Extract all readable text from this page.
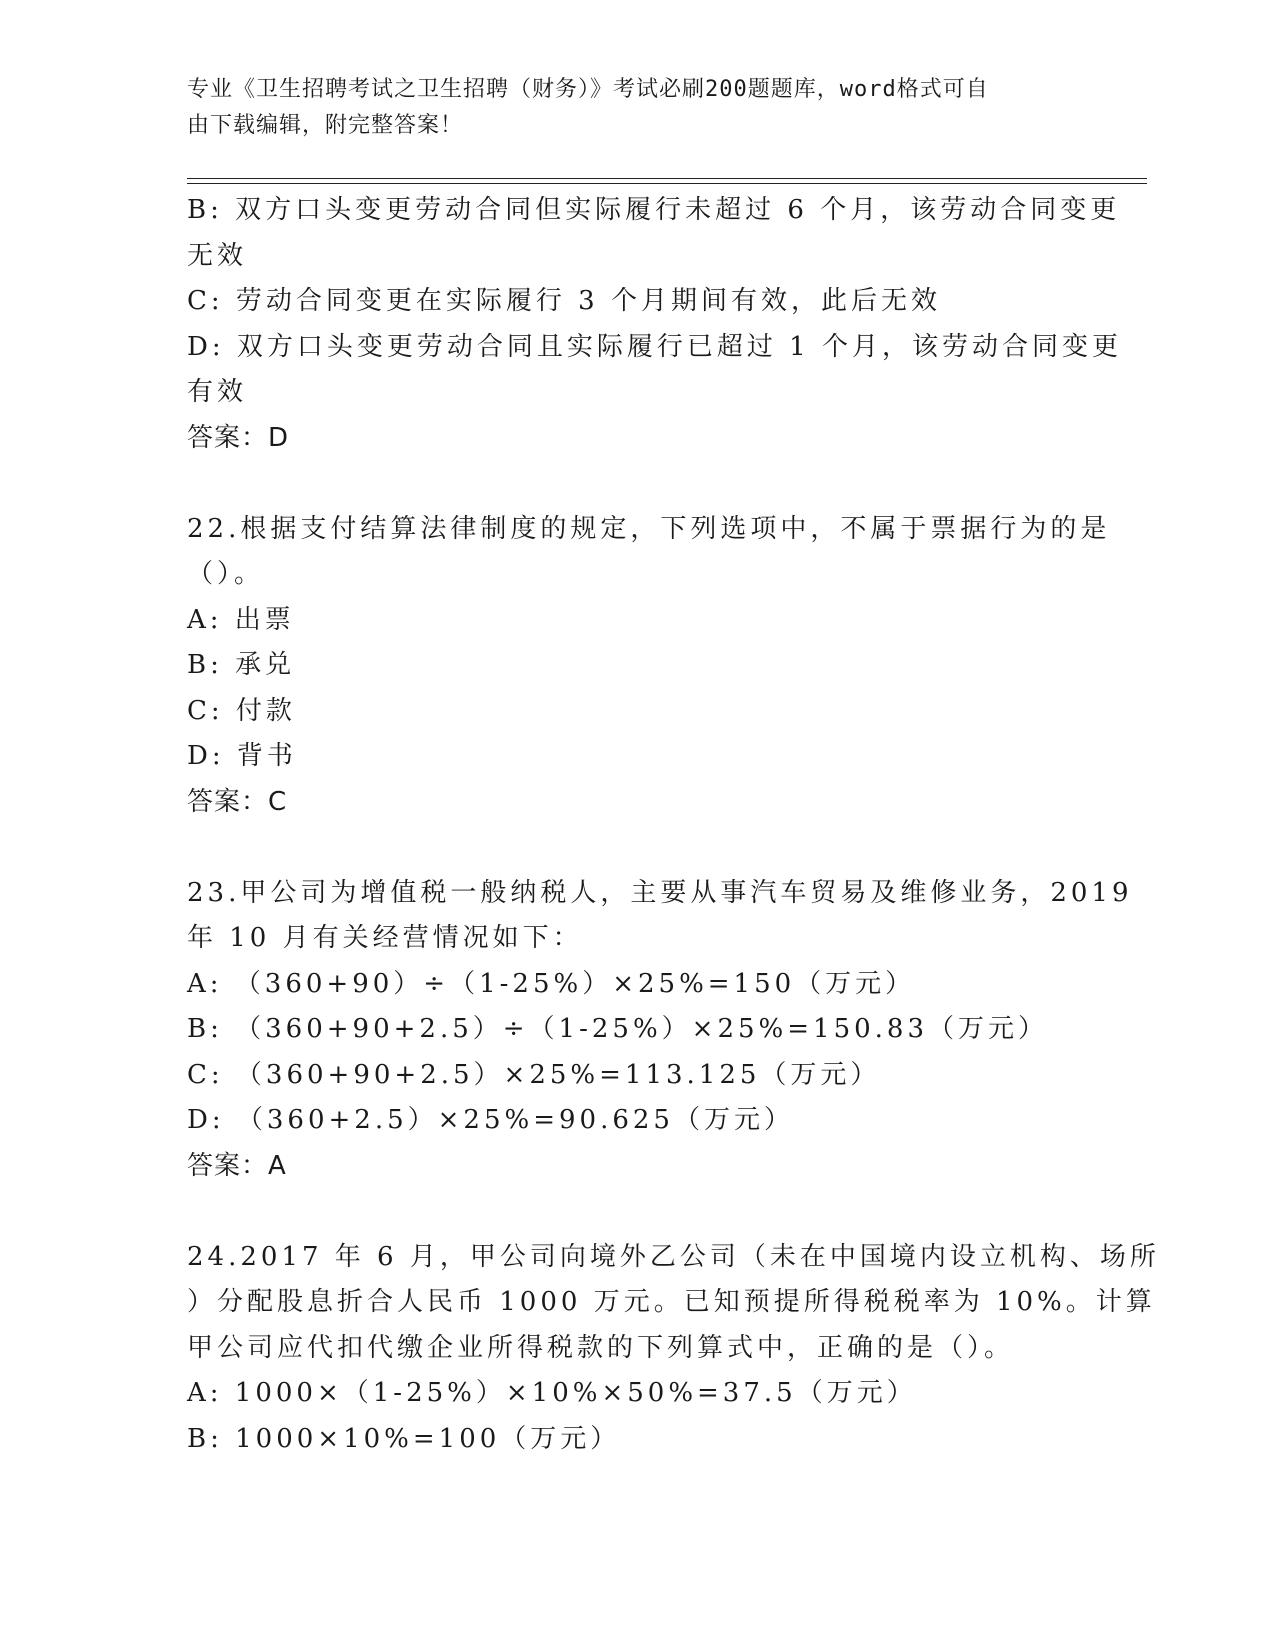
专业《卫生招聘考试之卫生招聘（财务）》考试必刷200题题库，word格式可自
由下载编辑，附完整答案！
B: 双方口头变更劳动合同但实际履行未超过 6 个月，该劳动合同变更
无效
C: 劳动合同变更在实际履行 3 个月期间有效，此后无效
D: 双方口头变更劳动合同且实际履行已超过 1 个月，该劳动合同变更
有效
答案：D
22.根据支付结算法律制度的规定，下列选项中，不属于票据行为的是
（）。
A: 出票
B: 承兑
C: 付款
D: 背书
答案：C
23.甲公司为增值税一般纳税人，主要从事汽车贸易及维修业务，2019
年 10 月有关经营情况如下：
A: （360+90）÷（1-25%）×25%=150（万元）
B: （360+90+2.5）÷（1-25%）×25%=150.83（万元）
C: （360+90+2.5）×25%=113.125（万元）
D: （360+2.5）×25%=90.625（万元）
答案：A
24.2017 年 6 月，甲公司向境外乙公司（未在中国境内设立机构、场所
）分配股息折合人民币 1000 万元。已知预提所得税税率为 10%。计算
甲公司应代扣代缴企业所得税款的下列算式中，正确的是（）。
A: 1000×（1-25%）×10%×50%=37.5（万元）
B: 1000×10%=100（万元）
